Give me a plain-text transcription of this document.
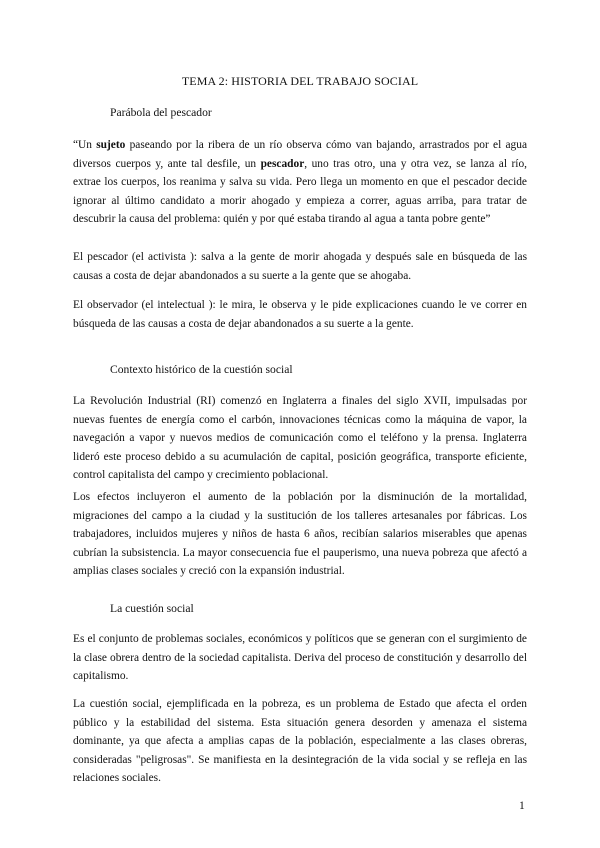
TEMA 2: HISTORIA DEL TRABAJO SOCIAL
Parábola del pescador
“Un sujeto paseando por la ribera de un río observa cómo van bajando, arrastrados por el agua diversos cuerpos y, ante tal desfile, un pescador, uno tras otro, una y otra vez, se lanza al río, extrae los cuerpos, los reanima y salva su vida. Pero llega un momento en que el pescador decide ignorar al último candidato a morir ahogado y empieza a correr, aguas arriba, para tratar de descubrir la causa del problema: quién y por qué estaba tirando al agua a tanta pobre gente”
El pescador (el activista ): salva a la gente de morir ahogada y después sale en búsqueda de las causas a costa de dejar abandonados a su suerte a la gente que se ahogaba.
El observador (el intelectual ): le mira, le observa y le pide explicaciones cuando le ve correr en búsqueda de las causas a costa de dejar abandonados a su suerte a la gente.
Contexto histórico de la cuestión social
La Revolución Industrial (RI) comenzó en Inglaterra a finales del siglo XVII, impulsadas por nuevas fuentes de energía como el carbón, innovaciones técnicas como la máquina de vapor, la navegación a vapor y nuevos medios de comunicación como el teléfono y la prensa. Inglaterra lideró este proceso debido a su acumulación de capital, posición geográfica, transporte eficiente, control capitalista del campo y crecimiento poblacional.
Los efectos incluyeron el aumento de la población por la disminución de la mortalidad, migraciones del campo a la ciudad y la sustitución de los talleres artesanales por fábricas. Los trabajadores, incluidos mujeres y niños de hasta 6 años, recibían salarios miserables que apenas cubrían la subsistencia. La mayor consecuencia fue el pauperismo, una nueva pobreza que afectó a amplias clases sociales y creció con la expansión industrial.
La cuestión social
Es el conjunto de problemas sociales, económicos y políticos que se generan con el surgimiento de la clase obrera dentro de la sociedad capitalista. Deriva del proceso de constitución y desarrollo del capitalismo.
La cuestión social, ejemplificada en la pobreza, es un problema de Estado que afecta el orden público y la estabilidad del sistema. Esta situación genera desorden y amenaza el sistema dominante, ya que afecta a amplias capas de la población, especialmente a las clases obreras, consideradas "peligrosas". Se manifiesta en la desintegración de la vida social y se refleja en las relaciones sociales.
1
